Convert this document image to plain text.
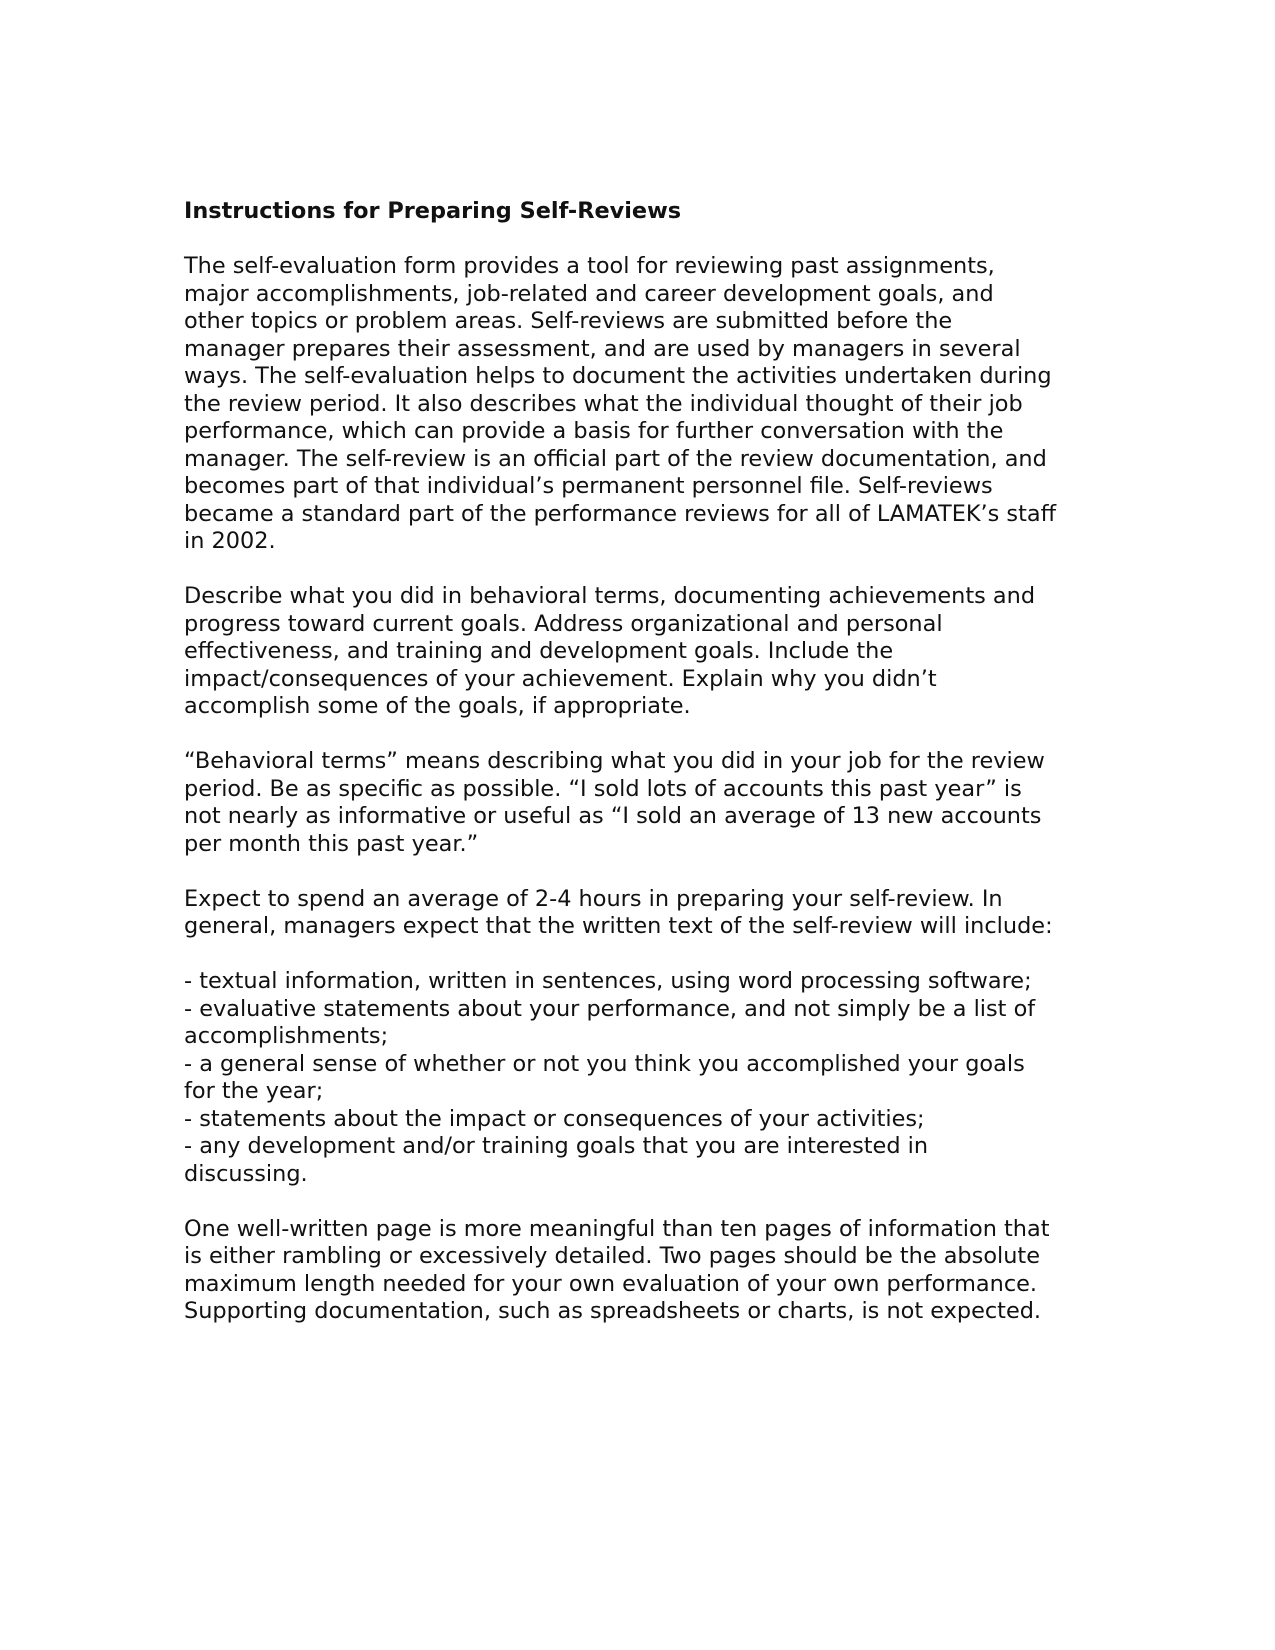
Instructions for Preparing Self-Reviews
The self-evaluation form provides a tool for reviewing past assignments,
major accomplishments, job-related and career development goals, and
other topics or problem areas. Self-reviews are submitted before the
manager prepares their assessment, and are used by managers in several
ways. The self-evaluation helps to document the activities undertaken during
the review period. It also describes what the individual thought of their job
performance, which can provide a basis for further conversation with the
manager. The self-review is an official part of the review documentation, and
becomes part of that individual’s permanent personnel file. Self-reviews
became a standard part of the performance reviews for all of LAMATEK’s staff
in 2002.
Describe what you did in behavioral terms, documenting achievements and
progress toward current goals. Address organizational and personal
effectiveness, and training and development goals. Include the
impact/consequences of your achievement. Explain why you didn’t
accomplish some of the goals, if appropriate.
“Behavioral terms” means describing what you did in your job for the review
period. Be as specific as possible. “I sold lots of accounts this past year” is
not nearly as informative or useful as “I sold an average of 13 new accounts
per month this past year.”
Expect to spend an average of 2-4 hours in preparing your self-review. In
general, managers expect that the written text of the self-review will include:
- textual information, written in sentences, using word processing software;
- evaluative statements about your performance, and not simply be a list of
accomplishments;
- a general sense of whether or not you think you accomplished your goals
for the year;
- statements about the impact or consequences of your activities;
- any development and/or training goals that you are interested in
discussing.
One well-written page is more meaningful than ten pages of information that
is either rambling or excessively detailed. Two pages should be the absolute
maximum length needed for your own evaluation of your own performance.
Supporting documentation, such as spreadsheets or charts, is not expected.
